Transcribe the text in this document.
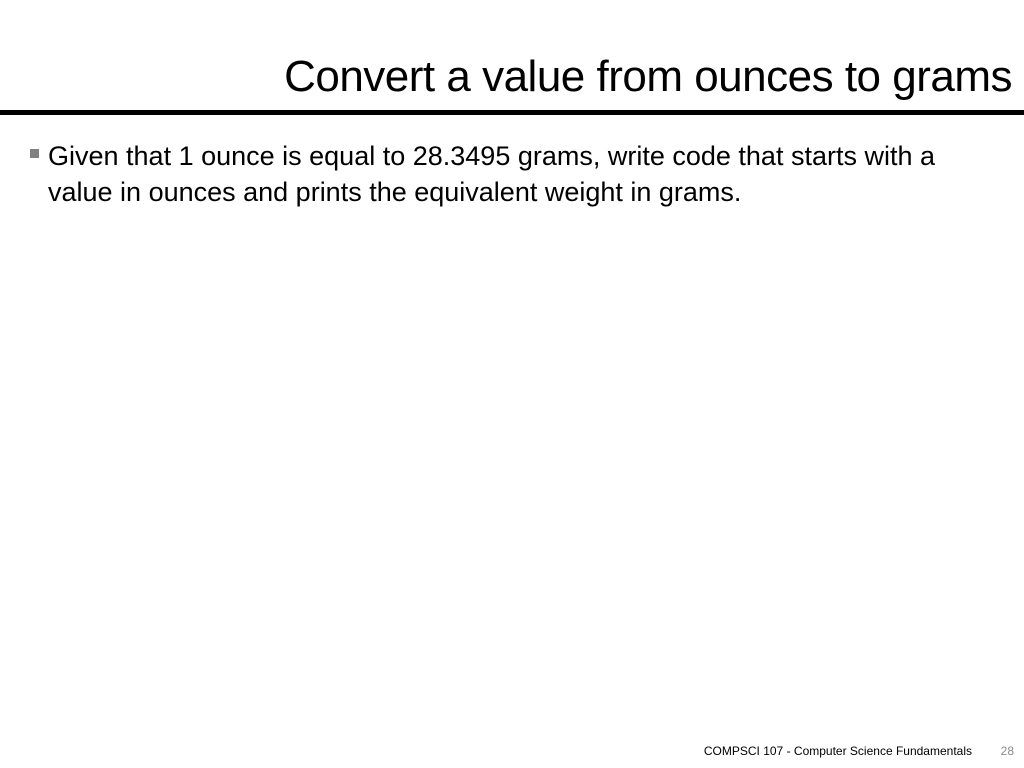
Convert a value from ounces to grams
Given that 1 ounce is equal to 28.3495 grams, write code that starts with a value in ounces and prints the equivalent weight in grams.
COMPSCI 107 - Computer Science Fundamentals 28
